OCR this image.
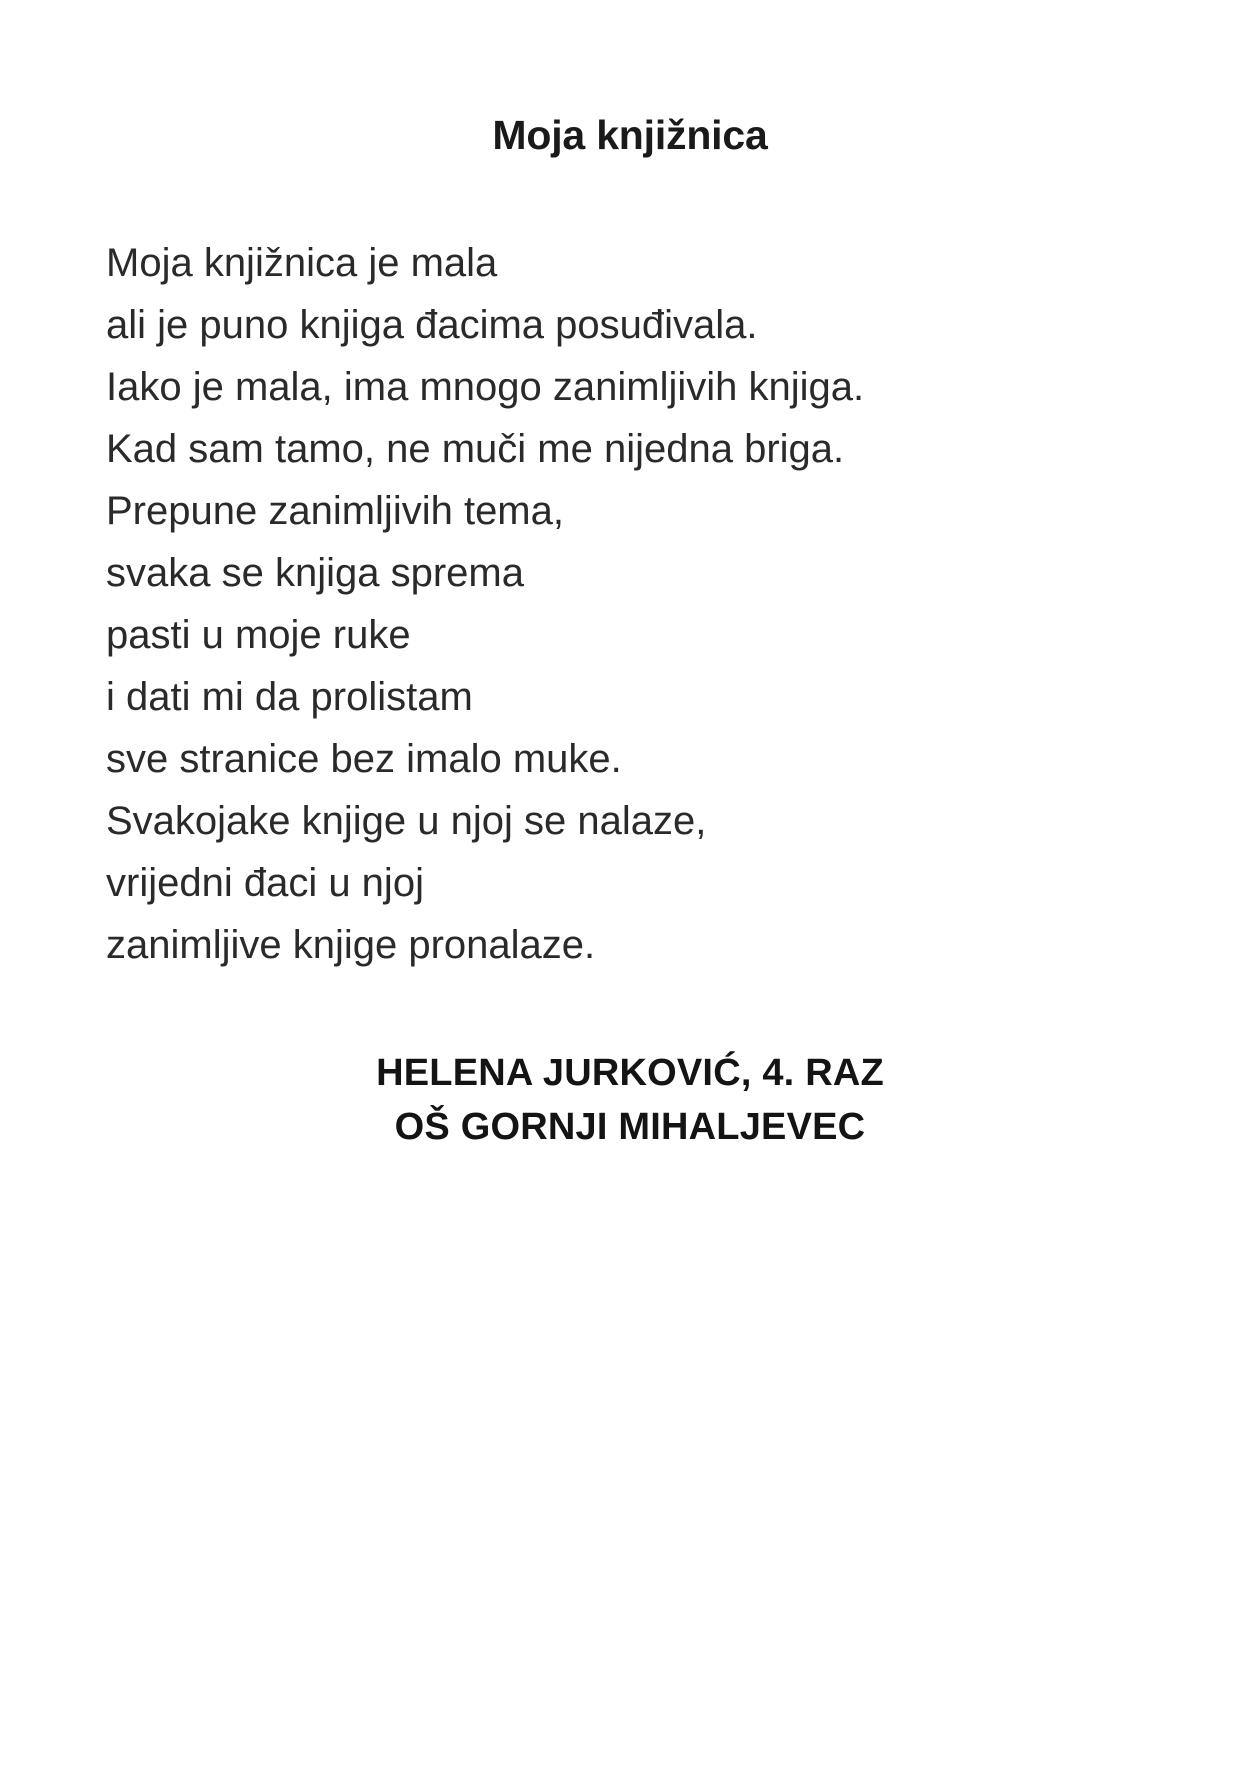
Moja knjižnica
Moja knjižnica je mala
ali je puno knjiga đacima posuđivala.
Iako je mala, ima mnogo zanimljivih knjiga.
Kad sam tamo, ne muči me nijedna briga.
Prepune zanimljivih tema,
svaka se knjiga sprema
pasti u moje ruke
i dati mi da prolistam
sve stranice bez imalo muke.
Svakojake knjige u njoj se nalaze,
vrijedni đaci u njoj
zanimljive knjige pronalaze.
HELENA JURKOVIĆ, 4. RAZ
OŠ GORNJI MIHALJEVEC
